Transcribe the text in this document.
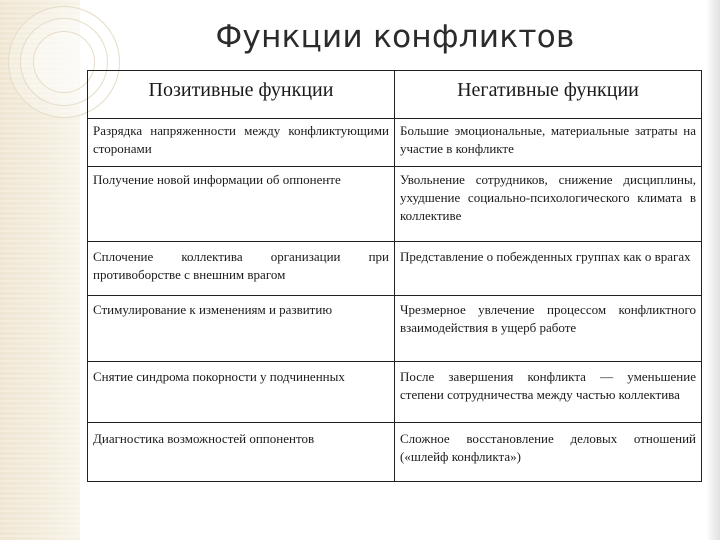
Функции конфликтов
Позитивные функции	Негативные функции
Разрядка напряженности между конфликтующими сторонами	Большие эмоциональные, материальные затраты на участие в конфликте
Получение новой информации об оппоненте	Увольнение сотрудников, снижение дисциплины, ухудшение социально-психологического климата в коллективе
Сплочение коллектива организации при противоборстве с внешним врагом	Представление о побежденных группах как о врагах
Стимулирование к изменениям и развитию	Чрезмерное увлечение процессом конфликтного взаимодействия в ущерб работе
Снятие синдрома покорности у подчиненных	После завершения конфликта — уменьшение степени сотрудничества между частью коллектива
Диагностика возможностей оппонентов	Сложное восстановление деловых отношений («шлейф конфликта»)
